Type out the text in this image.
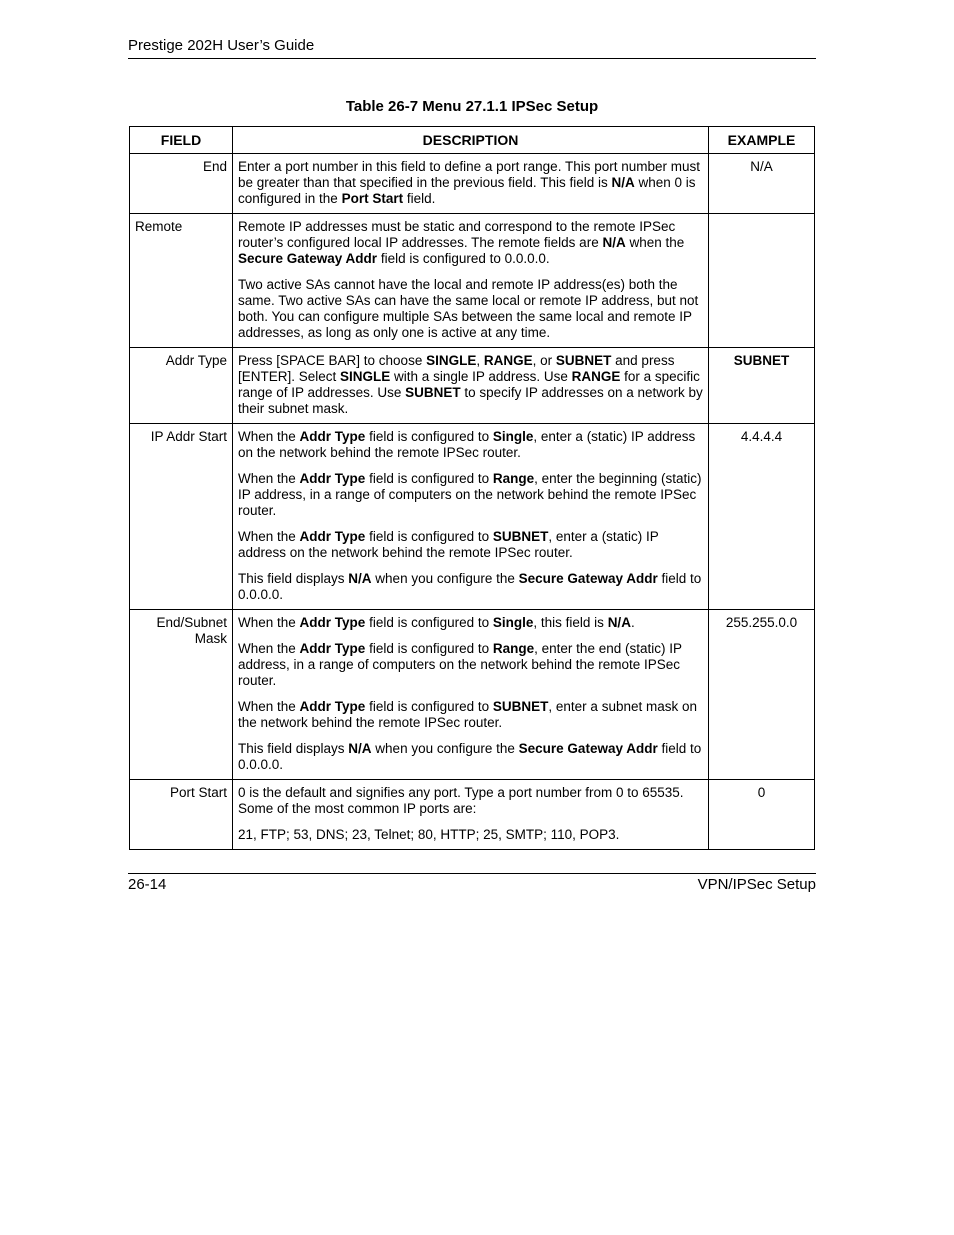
Prestige 202H User’s Guide
Table 26-7 Menu 27.1.1 IPSec Setup
FIELD	DESCRIPTION	EXAMPLE
End	Enter a port number in this field to define a port range. This port number must be greater than that specified in the previous field. This field is N/A when 0 is configured in the Port Start field.	N/A
Remote	Remote IP addresses must be static and correspond to the remote IPSec router’s configured local IP addresses. The remote fields are N/A when the Secure Gateway Addr field is configured to 0.0.0.0.

Two active SAs cannot have the local and remote IP address(es) both the same. Two active SAs can have the same local or remote IP address, but not both. You can configure multiple SAs between the same local and remote IP addresses, as long as only one is active at any time.	

Addr Type	Press [SPACE BAR] to choose SINGLE, RANGE, or SUBNET and press [ENTER]. Select SINGLE with a single IP address. Use RANGE for a specific range of IP addresses. Use SUBNET to specify IP addresses on a network by their subnet mask.	SUBNET
IP Addr Start	When the Addr Type field is configured to Single, enter a (static) IP address on the network behind the remote IPSec router.

When the Addr Type field is configured to Range, enter the beginning (static) IP address, in a range of computers on the network behind the remote IPSec router.

When the Addr Type field is configured to SUBNET, enter a (static) IP address on the network behind the remote IPSec router.

This field displays N/A when you configure the Secure Gateway Addr field to 0.0.0.0.	4.4.4.4
End/Subnet Mask	When the Addr Type field is configured to Single, this field is N/A.

When the Addr Type field is configured to Range, enter the end (static) IP address, in a range of computers on the network behind the remote IPSec router.

When the Addr Type field is configured to SUBNET, enter a subnet mask on the network behind the remote IPSec router.

This field displays N/A when you configure the Secure Gateway Addr field to 0.0.0.0.	255.255.0.0
Port Start	0 is the default and signifies any port. Type a port number from 0 to 65535. Some of the most common IP ports are:

21, FTP; 53, DNS; 23, Telnet; 80, HTTP; 25, SMTP; 110, POP3.	0
26-14	VPN/IPSec Setup
